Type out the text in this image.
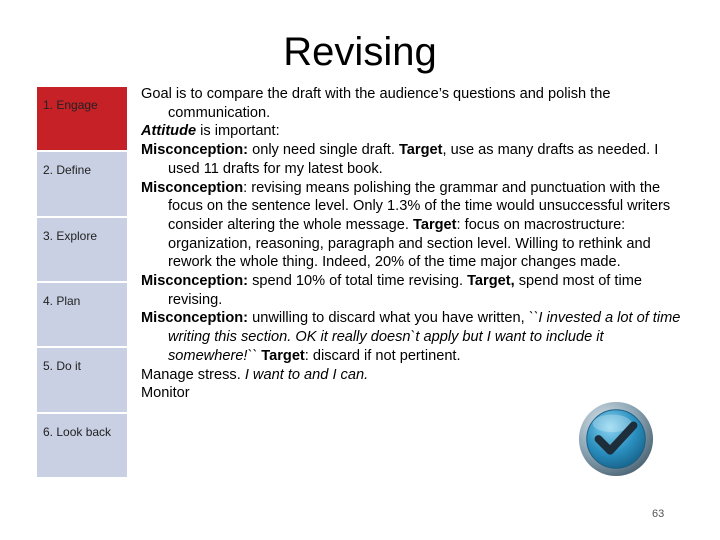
Revising
1. Engage
2. Define
3. Explore
4. Plan
5. Do it
6. Look back

Goal is to compare the draft with the audience’s questions and polish the communication.

Attitude is important:

Misconception: only need single draft. Target, use as many drafts as needed. I used 11 drafts for my latest book.

Misconception: revising means polishing the grammar and punctuation with the focus on the sentence level. Only 1.3% of the time would unsuccessful writers consider altering the whole message. Target: focus on macrostructure: organization, reasoning, paragraph and section level. Willing to rethink and rework the whole thing. Indeed, 20% of the time major changes made.

Misconception: spend 10% of total time revising. Target, spend most of time revising.

Misconception: unwilling to discard what you have written, ``I invested a lot of time writing this section. OK it really doesn`t apply but I want to include it somewhere!`` Target: discard if not pertinent.

Manage stress. I want to and I can.

Monitor

63
